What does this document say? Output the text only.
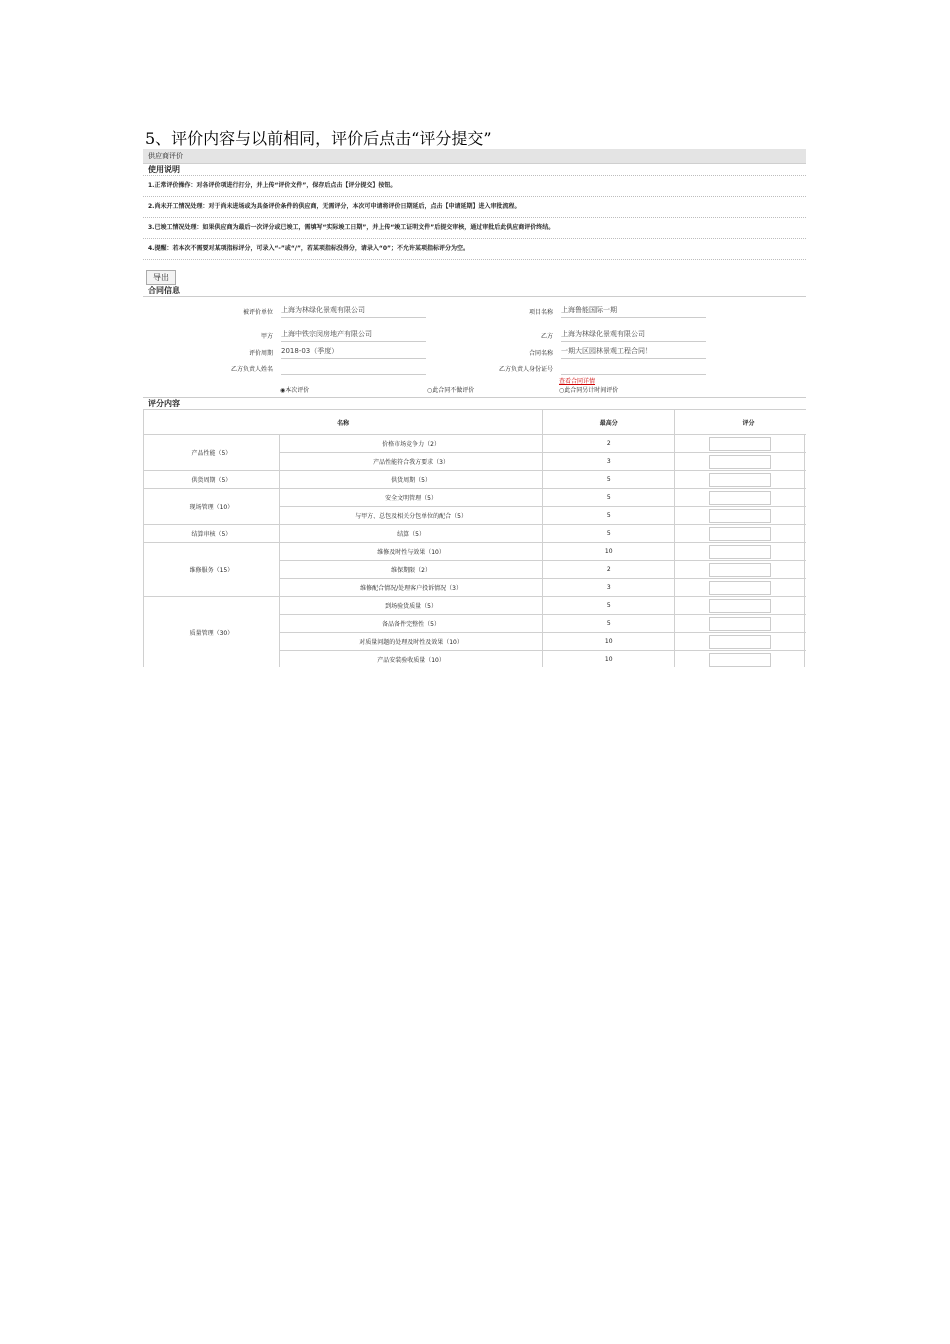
5、评价内容与以前相同，评价后点击“评分提交”
供应商评价
使用说明
1.正常评价操作：对各评价项进行打分，并上传“评价文件”，保存后点击【评分提交】按钮。
2.尚未开工情况处理：对于尚未进场或为具备评价条件的供应商，无需评分，本次可申请将评价日期延后，点击【申请延期】进入审批流程。
3.已竣工情况处理：如果供应商为最后一次评分或已竣工，需填写“实际竣工日期”，并上传“竣工证明文件”后提交审核，通过审批后此供应商评价终结。
4.提醒：若本次不需要对某项指标评分，可录入“-”或“/”，若某项指标没得分，请录入“0”；不允许某项指标评分为空。
导出
合同信息
被评价单位 上海为林绿化景观有限公司	项目名称 上海鲁能国际一期
甲方 上海中铁宗闵房地产有限公司	乙方 上海为林绿化景观有限公司
评价周期 2018-03（季度）	合同名称 一期大区园林景观工程合同！
乙方负责人姓名	乙方负责人身份证号
查看合同详情
◉本次评价	○此合同不做评价	○此合同另计时间评价
评分内容
名称		最高分	评分	
产品性能（5）	价格市场竞争力（2）	2		
	产品性能符合我方要求（3）	3		
供货周期（5）	供货周期（5）	5		
现场管理（10）	安全文明管理（5）	5		
	与甲方、总包及相关分包单位的配合（5）	5		
结算审核（5）	结算（5）	5		
维修服务（15）	维修及时性与效果（10）	10		
	维保期限（2）	2		
	维修配合情况/处理客户投诉情况（3）	3		
质量管理（30）	到场验货质量（5）	5		
	备品备件完整性（5）	5		
	对质量问题的处理及时性及效果（10）	10		
	产品安装验收质量（10）	10		
